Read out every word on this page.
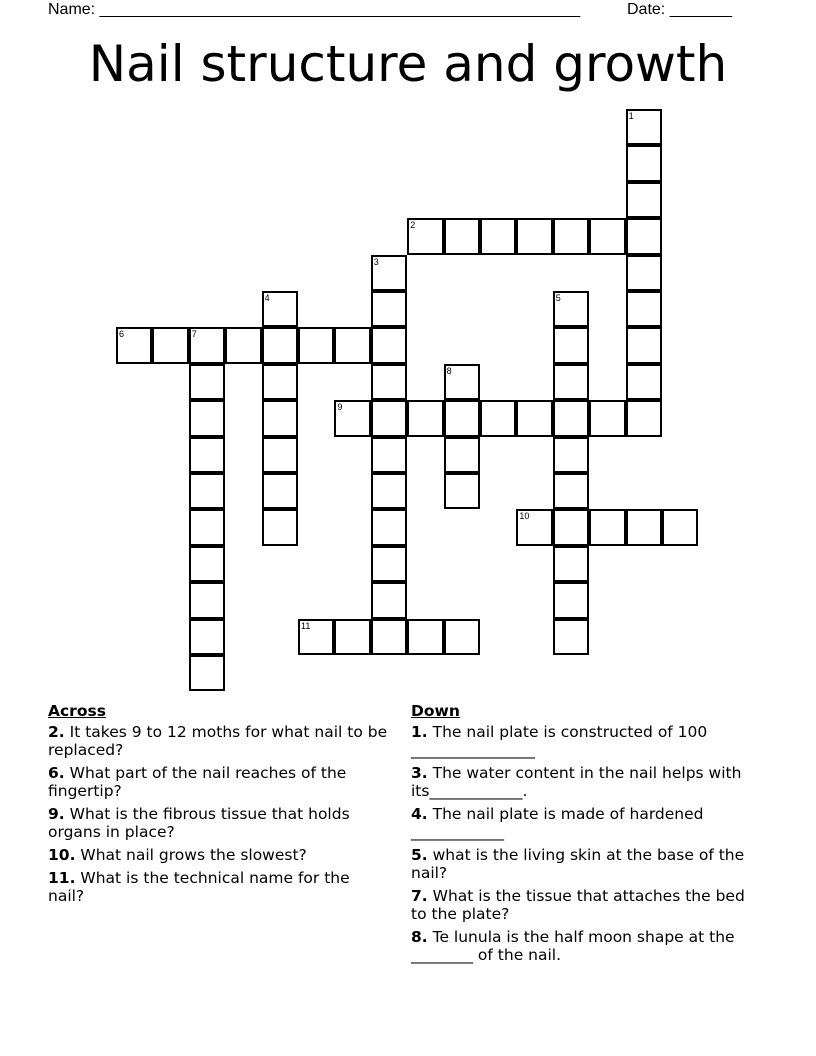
Name: ______________________________________________________	Date: _______
Nail structure and growth
1
2
3
4	5
6	7
8
9
10
11
Across
2. It takes 9 to 12 moths for what nail to be replaced?
6. What part of the nail reaches of the fingertip?
9. What is the fibrous tissue that holds organs in place?
10. What nail grows the slowest?
11. What is the technical name for the nail?
Down
1. The nail plate is constructed of 100 ________________
3. The water content in the nail helps with its____________.
4. The nail plate is made of hardened ____________
5. what is the living skin at the base of the nail?
7. What is the tissue that attaches the bed to the plate?
8. Te lunula is the half moon shape at the ________ of the nail.
